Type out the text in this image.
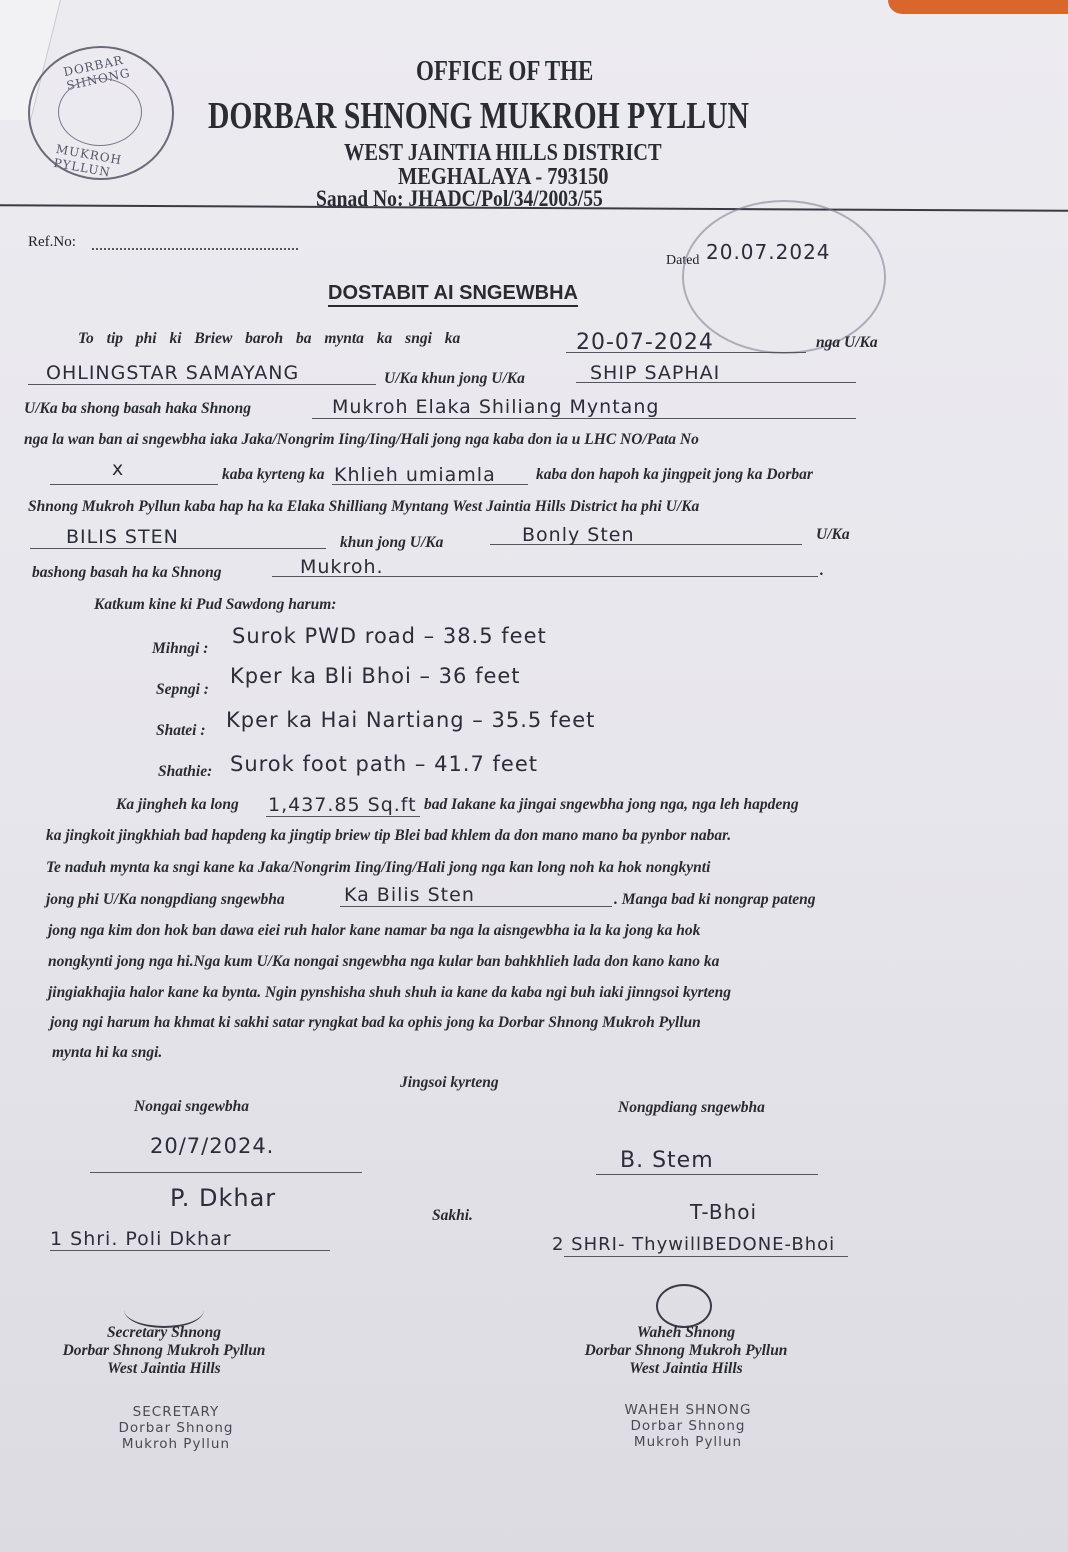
DORBAR SHNONG
MUKROH PYLLUN
OFFICE OF THE
DORBAR SHNONG MUKROH PYLLUN
WEST JAINTIA HILLS DISTRICT
MEGHALAYA - 793150
Sanad No: JHADC/Pol/34/2003/55
Ref.No:
Dated 20.07.2024
DOSTABIT AI SNGEWBHA
To tip phi ki Briew baroh ba mynta ka sngi ka	20-07-2024	nga U/Ka
OHLINGSTAR SAMAYANG	U/Ka khun jong U/Ka	SHIP SAPHAI
U/Ka ba shong basah haka Shnong	Mukroh Elaka Shiliang Myntang
nga la wan ban ai sngewbha iaka Jaka/Nongrim Iing/Iing/Hali jong nga kaba don ia u LHC NO/Pata No
x	kaba kyrteng ka Khlieh umiamla	kaba don hapoh ka jingpeit jong ka Dorbar
Shnong Mukroh Pyllun kaba hap ha ka Elaka Shilliang Myntang West Jaintia Hills District ha phi U/Ka
BILIS STEN	khun jong U/Ka	Bonly Sten	U/Ka
bashong basah ha ka Shnong	Mukroh.	.
Katkum kine ki Pud Sawdong harum:
Mihngi :
Surok PWD road – 38.5 feet
Sepngi :
Kper ka Bli Bhoi – 36 feet
Shatei : Kper ka Hai Nartiang – 35.5 feet
Shathie: Surok foot path – 41.7 feet
Ka jingheh ka long 1,437.85 Sq.ft bad Iakane ka jingai sngewbha jong nga, nga leh hapdeng
ka jingkoit jingkhiah bad hapdeng ka jingtip briew tip Blei bad khlem da don mano mano ba pynbor nabar.
Te naduh mynta ka sngi kane ka Jaka/Nongrim Iing/Iing/Hali jong nga kan long noh ka hok nongkynti
jong phi U/Ka nongpdiang sngewbha	Ka Bilis Sten	. Manga bad ki nongrap pateng
jong nga kim don hok ban dawa eiei ruh halor kane namar ba nga la aisngewbha ia la ka jong ka hok
nongkynti jong nga hi.Nga kum U/Ka nongai sngewbha nga kular ban bahkhlieh lada don kano kano ka
jingiakhajia halor kane ka bynta. Ngin pynshisha shuh shuh ia kane da kaba ngi buh iaki jinngsoi kyrteng
jong ngi harum ha khmat ki sakhi satar ryngkat bad ka ophis jong ka Dorbar Shnong Mukroh Pyllun
mynta hi ka sngi.
Jingsoi kyrteng
Nongai sngewbha	Nongpdiang sngewbha
20/7/2024.
P. Dkhar
B. Stem
Sakhi.	T-Bhoi
1 Shri. Poli Dkhar	2 SHRI- ThywillBEDONE-Bhoi
Secretary Shnong
Dorbar Shnong Mukroh Pyllun
West Jaintia Hills
SECRETARY
Dorbar Shnong
Mukroh Pyllun
Waheh Shnong
Dorbar Shnong Mukroh Pyllun
West Jaintia Hills
WAHEH SHNONG
Dorbar Shnong
Mukroh Pyllun
